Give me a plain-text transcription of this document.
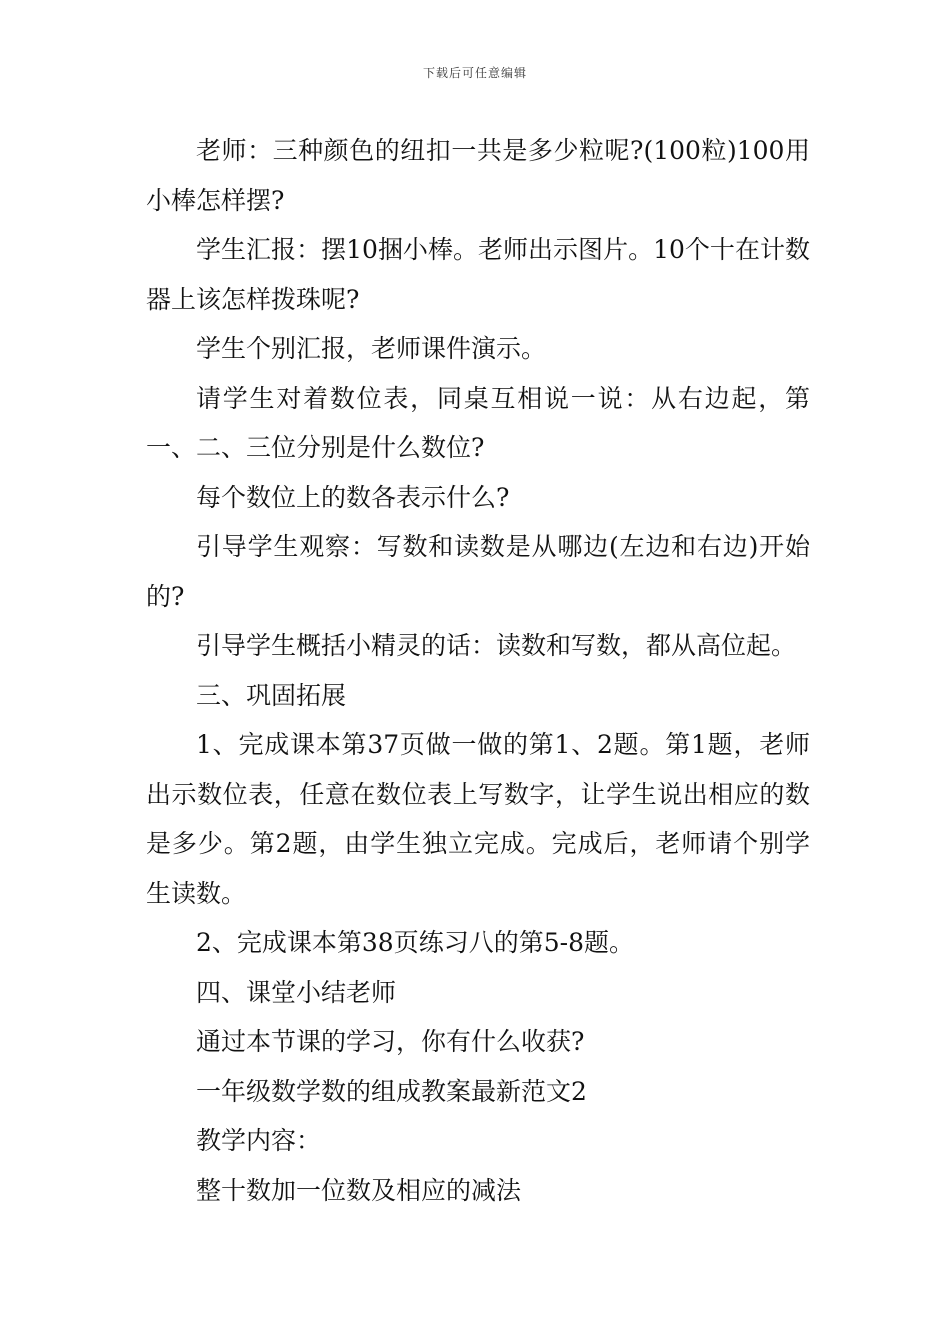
下载后可任意编辑

老师：三种颜色的纽扣一共是多少粒呢?(100粒)100用小棒怎样摆?

学生汇报：摆10捆小棒。老师出示图片。10个十在计数器上该怎样拨珠呢?

学生个别汇报，老师课件演示。

请学生对着数位表，同桌互相说一说：从右边起，第一、二、三位分别是什么数位?

每个数位上的数各表示什么?

引导学生观察：写数和读数是从哪边(左边和右边)开始的?

引导学生概括小精灵的话：读数和写数，都从高位起。

三、巩固拓展

1、完成课本第37页做一做的第1、2题。第1题，老师出示数位表，任意在数位表上写数字，让学生说出相应的数是多少。第2题，由学生独立完成。完成后，老师请个别学生读数。

2、完成课本第38页练习八的第5-8题。

四、课堂小结老师

通过本节课的学习，你有什么收获?

一年级数学数的组成教案最新范文2

教学内容：

整十数加一位数及相应的减法
